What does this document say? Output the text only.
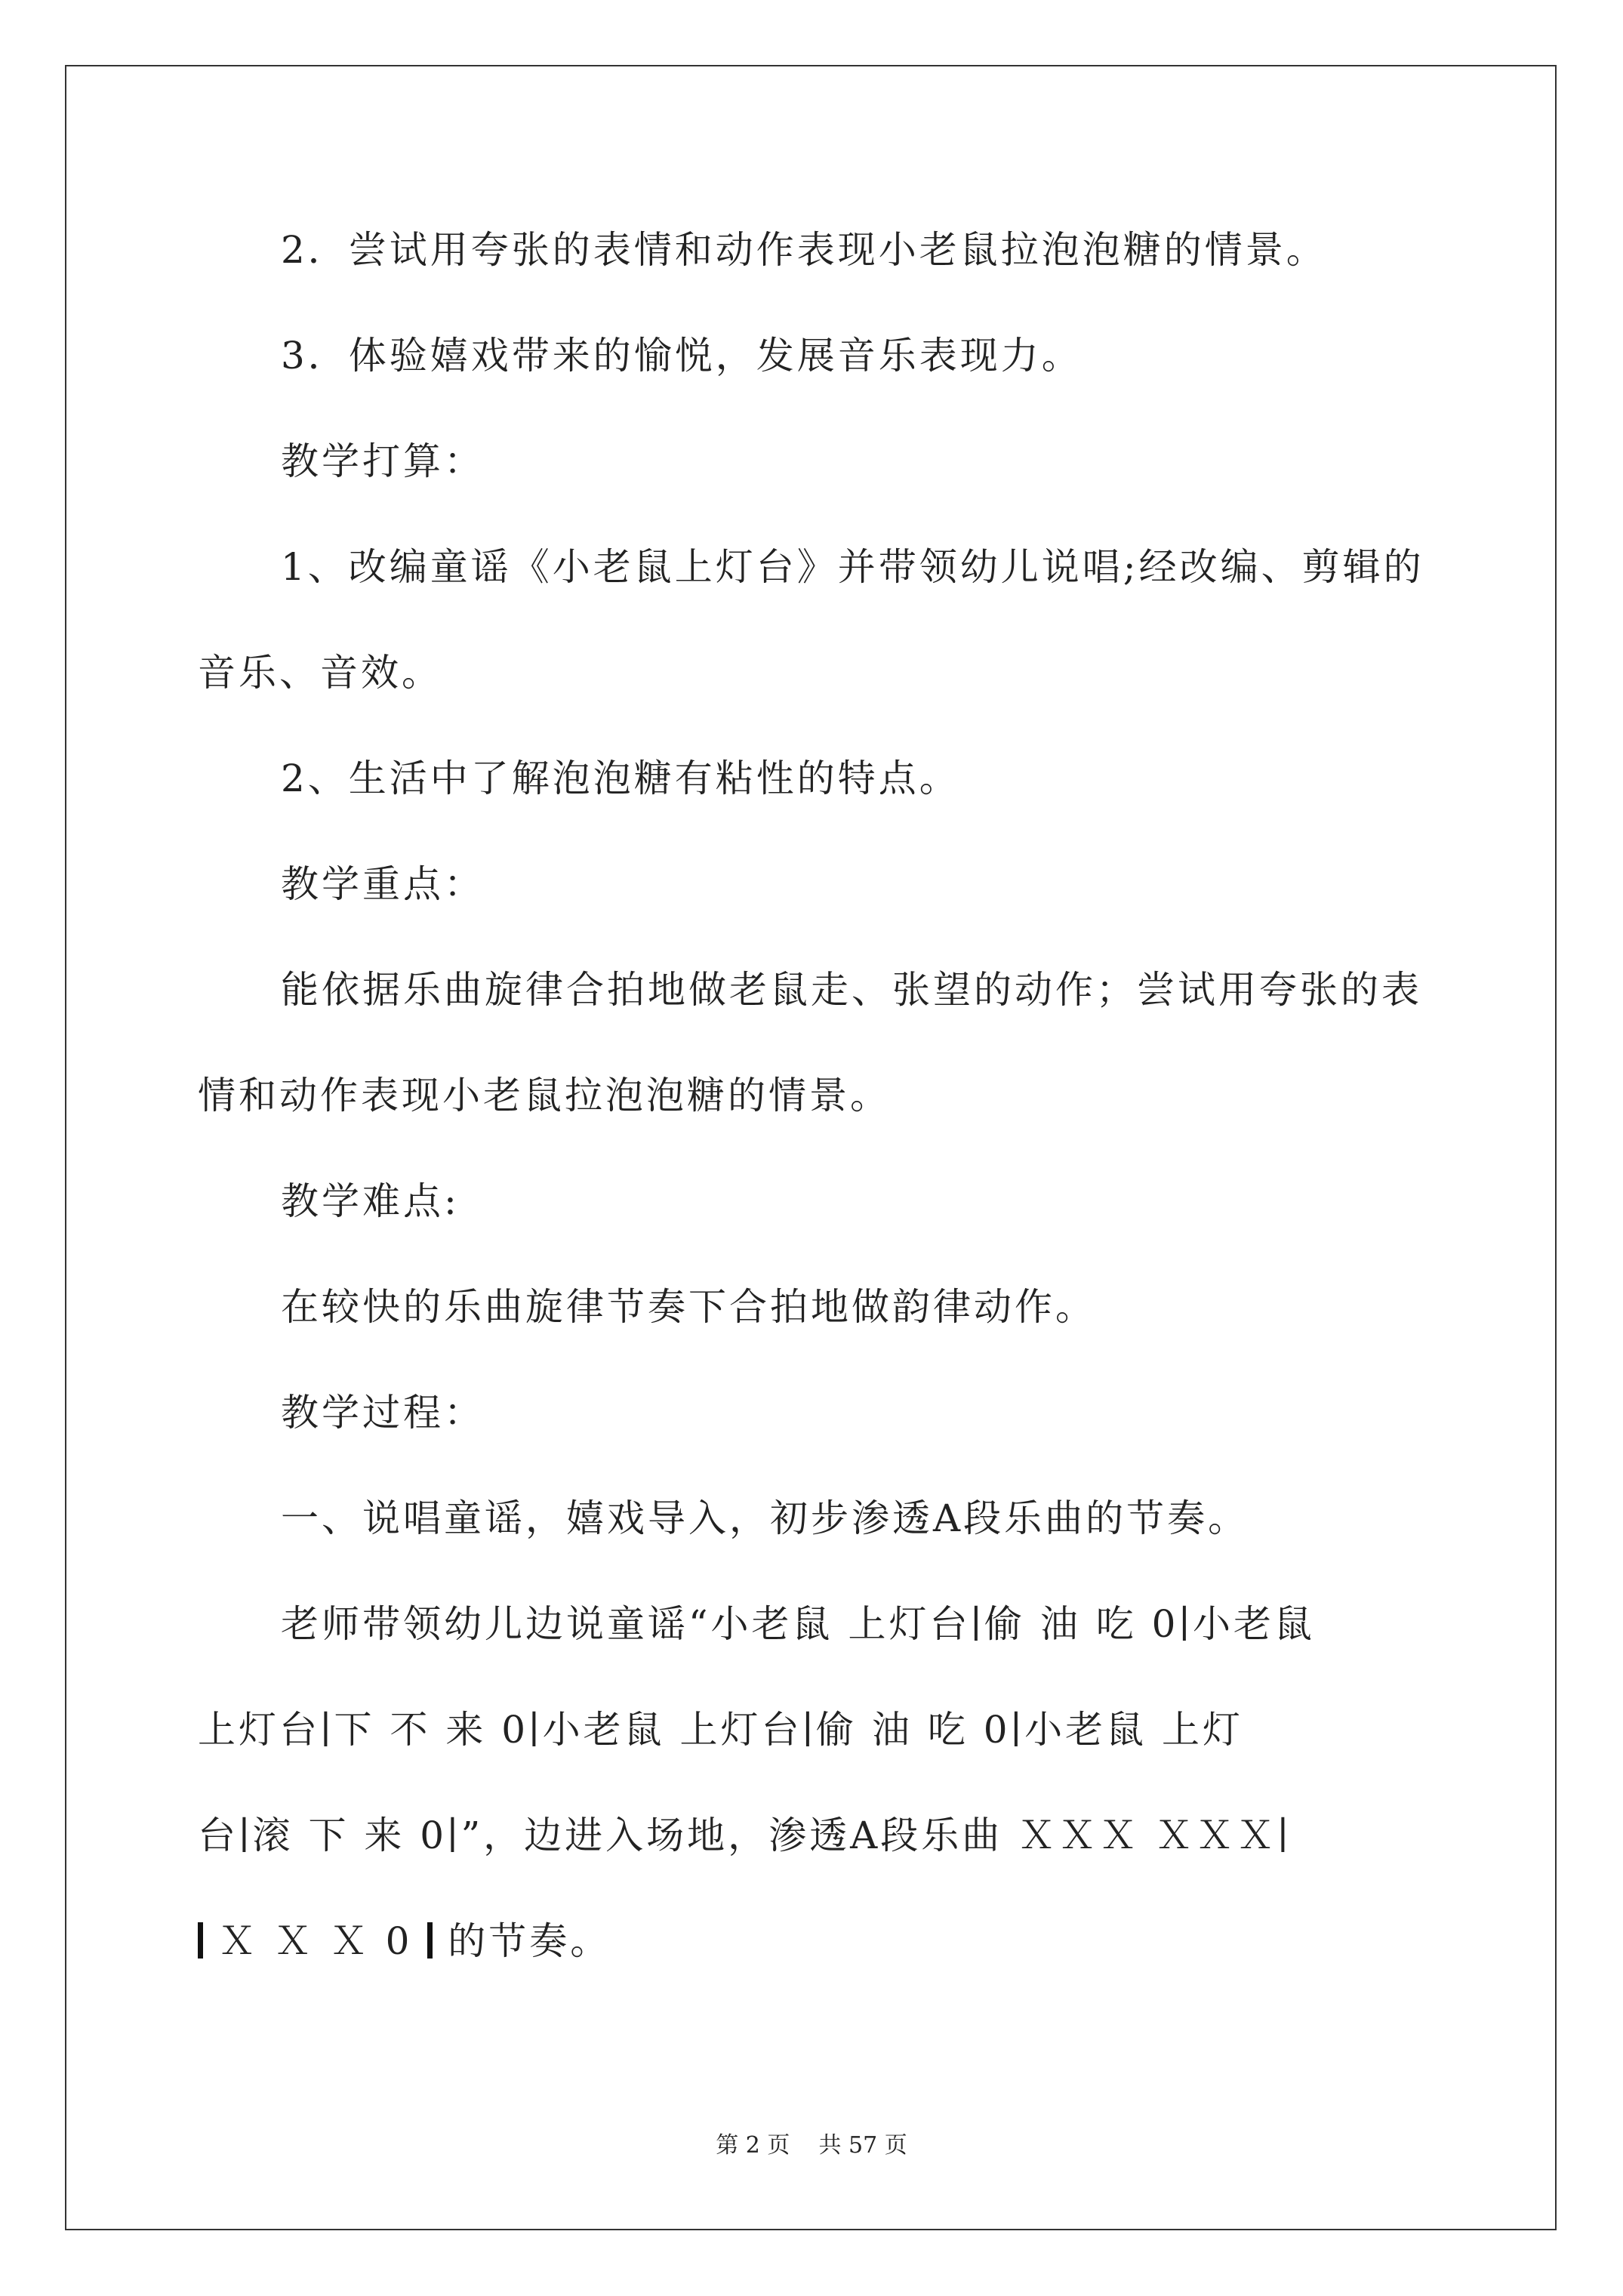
2．尝试用夸张的表情和动作表现小老鼠拉泡泡糖的情景。
3．体验嬉戏带来的愉悦，发展音乐表现力。
教学打算：
1、改编童谣《小老鼠上灯台》并带领幼儿说唱;经改编、剪辑的
音乐、音效。
2、生活中了解泡泡糖有粘性的特点。
教学重点：
能依据乐曲旋律合拍地做老鼠走、张望的动作；尝试用夸张的表
情和动作表现小老鼠拉泡泡糖的情景。
教学难点:
在较快的乐曲旋律节奏下合拍地做韵律动作。
教学过程：
一、说唱童谣，嬉戏导入，初步渗透A段乐曲的节奏。
老师带领幼儿边说童谣“小老鼠 上灯台∣偷 油 吃 0∣小老鼠
上灯台∣下 不 来 0∣小老鼠 上灯台∣偷 油 吃 0∣小老鼠 上灯
台∣滚 下 来 0∣”，边进入场地，渗透A段乐曲 ＸＸＸ ＸＸＸ∣
Ｘ Ｘ Ｘ 0  的节奏。
第 2 页    共 57 页
